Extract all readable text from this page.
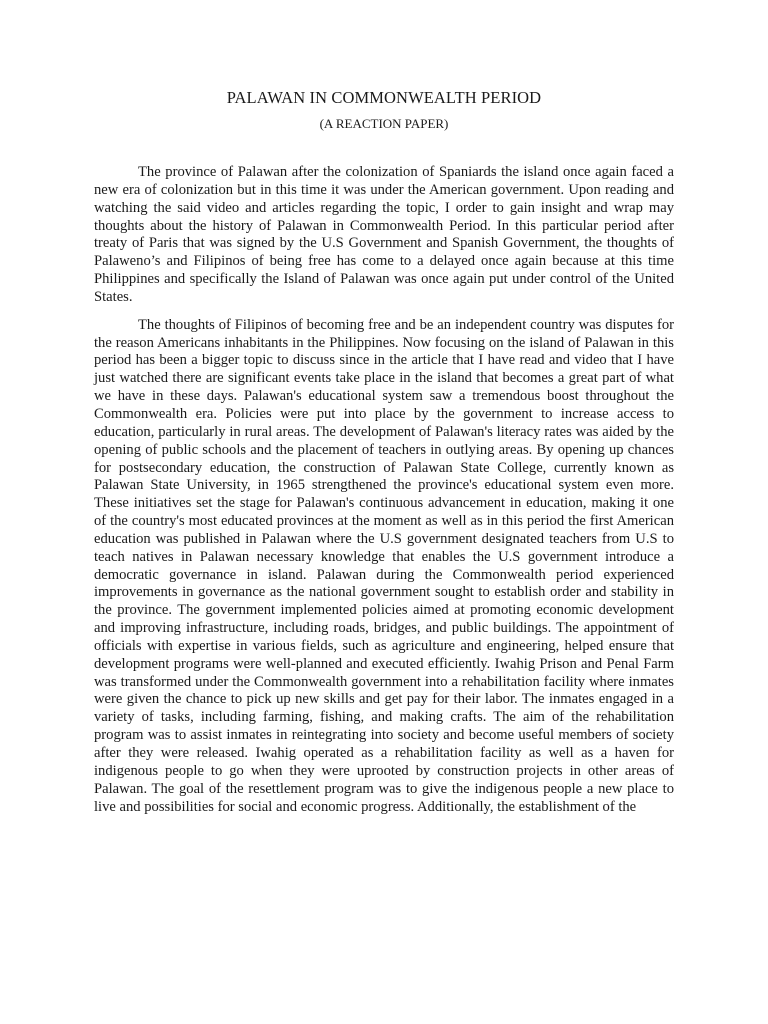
PALAWAN IN COMMONWEALTH PERIOD
(A REACTION PAPER)

The province of Palawan after the colonization of Spaniards the island once again faced a new era of colonization but in this time it was under the American government. Upon reading and watching the said video and articles regarding the topic, I order to gain insight and wrap may thoughts about the history of Palawan in Commonwealth Period. In this particular period after treaty of Paris that was signed by the U.S Government and Spanish Government, the thoughts of Palaweno’s and Filipinos of being free has come to a delayed once again because at this time Philippines and specifically the Island of Palawan was once again put under control of the United States.

The thoughts of Filipinos of becoming free and be an independent country was disputes for the reason Americans inhabitants in the Philippines. Now focusing on the island of Palawan in this period has been a bigger topic to discuss since in the article that I have read and video that I have just watched there are significant events take place in the island that becomes a great part of what we have in these days. Palawan's educational system saw a tremendous boost throughout the Commonwealth era. Policies were put into place by the government to increase access to education, particularly in rural areas. The development of Palawan's literacy rates was aided by the opening of public schools and the placement of teachers in outlying areas. By opening up chances for postsecondary education, the construction of Palawan State College, currently known as Palawan State University, in 1965 strengthened the province's educational system even more. These initiatives set the stage for Palawan's continuous advancement in education, making it one of the country's most educated provinces at the moment as well as in this period the first American education was published in Palawan where the U.S government designated teachers from U.S to teach natives in Palawan necessary knowledge that enables the U.S government introduce a democratic governance in island. Palawan during the Commonwealth period experienced improvements in governance as the national government sought to establish order and stability in the province. The government implemented policies aimed at promoting economic development and improving infrastructure, including roads, bridges, and public buildings. The appointment of officials with expertise in various fields, such as agriculture and engineering, helped ensure that development programs were well-planned and executed efficiently. Iwahig Prison and Penal Farm was transformed under the Commonwealth government into a rehabilitation facility where inmates were given the chance to pick up new skills and get pay for their labor. The inmates engaged in a variety of tasks, including farming, fishing, and making crafts. The aim of the rehabilitation program was to assist inmates in reintegrating into society and become useful members of society after they were released. Iwahig operated as a rehabilitation facility as well as a haven for indigenous people to go when they were uprooted by construction projects in other areas of Palawan. The goal of the resettlement program was to give the indigenous people a new place to live and possibilities for social and economic progress. Additionally, the establishment of the
